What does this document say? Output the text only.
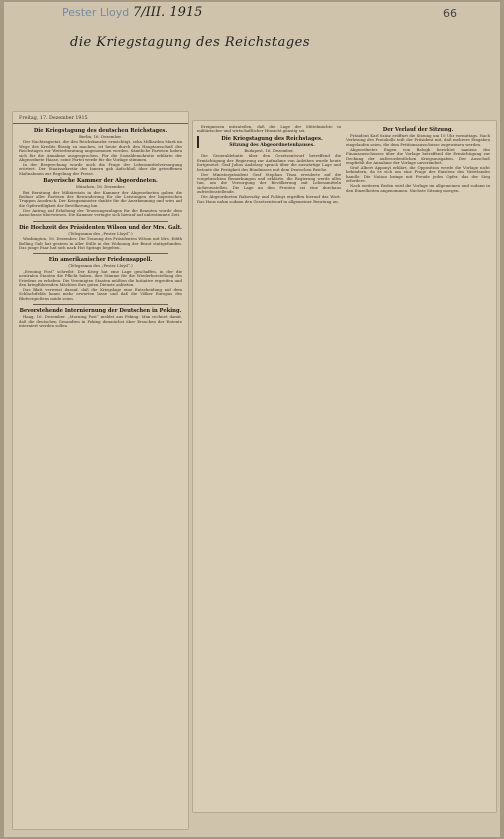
Pester Lloyd 7/III. 1915	66
die Kriegstagung des Reichstages
Freitag, 17. Dezember 1915
Die Kriegstagung des deutschen Reichstages.
Berlin, 16. Dezember.

Der Nachtragsetat, der den Reichskanzler ermächtigt, zehn Milliarden Mark im Wege des Kredits flüssig zu machen, ist heute durch den Hauptausschuß des Reichstages zur Weiterberatung angenommen worden. Sämtliche Parteien haben sich für die Annahme ausgesprochen. Für die Sozialdemokratie erklärte der Abgeordnete Haase, seine Partei werde für die Vorlage stimmen.

In der Besprechung wurde auch die Frage der Lebensmittelversorgung erörtert. Der Staatssekretär des Innern gab Aufschluß über die getroffenen Maßnahmen zur Regelung der Preise.

Bayerische Kammer der Abgeordneten.
München, 16. Dezember.

Bei Beratung der Militäretats in der Kammer der Abgeordneten gaben die Redner aller Parteien der Bewunderung für die Leistungen der bayerischen Truppen Ausdruck. Der Kriegsminister dankte für die Anerkennung und wies auf die Opferwilligkeit der Bevölkerung hin.

Der Antrag auf Erhöhung der Teuerungszulagen für die Beamten wurde dem Ausschusse überwiesen. Die Kammer vertagte sich hierauf auf unbestimmte Zeit.

Die Hochzeit des Präsidenten Wilson und der Mrs. Galt.
(Telegramm des „Pester Lloyd“.)

Washington, 16. Dezember. Die Trauung des Präsidenten Wilson mit Mrs. Edith Bolling Galt hat gestern in aller Stille in der Wohnung der Braut stattgefunden. Das junge Paar hat sich nach Hot Springs begeben.

Ein amerikanischer Friedensappell.
(Telegramm des „Pester Lloyd“.)

„Evening Post“ schreibt: Der Krieg hat eine Lage geschaffen, in der die neutralen Staaten die Pflicht haben, ihre Stimme für die Wiederherstellung des Friedens zu erheben. Die Vereinigten Staaten müßten die Initiative ergreifen und den kriegführenden Mächten ihre guten Dienste anbieten.

Das Blatt verweist darauf, daß die Kriegslage eine Entscheidung auf dem Schlachtfelde kaum mehr erwarten lasse und daß die Völker Europas des Blutvergießens müde seien.

Bevorstehende Interniernung der Deutschen in Peking.

Haag, 16. Dezember. „Morning Post“ meldet aus Peking: Man rechnet damit, daß die deutschen Gesandten in Peking demnächst über Ersuchen der Entente interniert werden sollen.

Ereignissen mitzuteilen, daß die Lage der Mittelmächte in militärischer und wirtschaftlicher Hinsicht günstig sei.

Die Kriegstagung des Reichstages.
Sitzung des Abgeordnetenhauses.
Budapest, 16. Dezember.

Die Generaldebatte über den Gesetzentwurf betreffend die Ermächtigung der Regierung zur Aufnahme von Anleihen wurde heute fortgesetzt. Graf Julius Andrássy sprach über die auswärtige Lage und betonte die Festigkeit des Bündnisses mit dem Deutschen Reiche.

Der Ministerpräsident Graf Stephan Tisza erwiderte auf die vorgebrachten Bemerkungen und erklärte, die Regierung werde alles tun, um die Versorgung der Bevölkerung mit Lebensmitteln sicherzustellen. Die Lage an den Fronten sei eine durchaus zufriedenstellende.

Die Abgeordneten Rakovszky und Polónyi ergriffen hierauf das Wort. Das Haus nahm sodann den Gesetzentwurf in allgemeiner Beratung an.

Der Verlauf der Sitzung.

Präsident Karl Szász eröffnet die Sitzung um 10 Uhr vormittags. Nach Verlesung des Protokolls teilt der Präsident mit, daß mehrere Eingaben eingelaufen seien, die dem Petitionsausschusse zugewiesen werden.

Abgeordneter Eugen von Balogh berichtet namens des Finanzausschusses über die Vorlage betreffend die Ermächtigung zur Deckung der außerordentlichen Kriegsausgaben. Der Ausschuß empfiehlt die Annahme der Vorlage unverändert.

Graf Albert Apponyi erklärt, die Opposition werde die Vorlage nicht behindern, da es sich um eine Frage der Existenz des Vaterlandes handle. Die Nation bringe mit Freude jedes Opfer, das der Sieg erfordere.

Nach weiteren Reden wird die Vorlage im allgemeinen und sodann in den Einzelheiten angenommen. Nächste Sitzung morgen.
